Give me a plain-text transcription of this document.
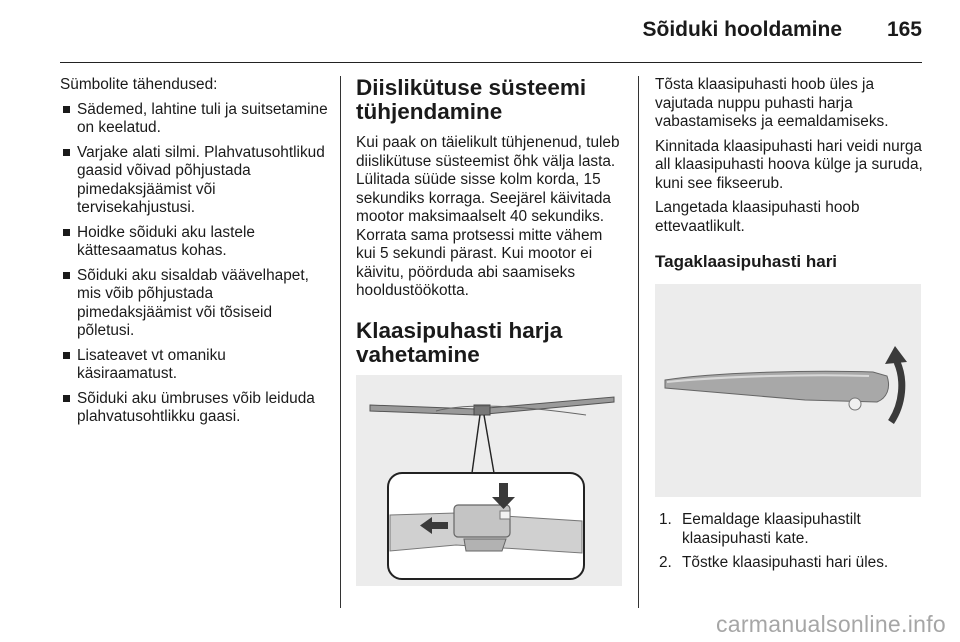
Sõiduki hooldamine 165

Sümbolite tähendused:

Sädemed, lahtine tuli ja suitsetamine on keelatud.
Varjake alati silmi. Plahvatusohtlikud gaasid võivad põhjustada pimedaksjäämist või tervisekahjustusi.
Hoidke sõiduki aku lastele kättesaamatus kohas.
Sõiduki aku sisaldab väävelhapet, mis võib põhjustada pimedaksjäämist või tõsiseid põletusi.
Lisateavet vt omaniku käsiraamatust.
Sõiduki aku ümbruses võib leiduda plahvatusohtlikku gaasi.
Diislikütuse süsteemi tühjendamine

Kui paak on täielikult tühjenenud, tuleb diislikütuse süsteemist õhk välja lasta. Lülitada süüde sisse kolm korda, 15 sekundiks korraga. Seejärel käivitada mootor maksimaalselt 40 sekundiks. Korrata sama protsessi mitte vähem kui 5 sekundi pärast. Kui mootor ei käivitu, pöörduda abi saamiseks hooldustöökotta.

Klaasipuhasti harja vahetamine

Tõsta klaasipuhasti hoob üles ja vajutada nuppu puhasti harja vabastamiseks ja eemaldamiseks.

Kinnitada klaasipuhasti hari veidi nurga all klaasipuhasti hoova külge ja suruda, kuni see fikseerub.

Langetada klaasipuhasti hoob ettevaatlikult.

Tagaklaasipuhasti hari
1. Eemaldage klaasipuhastilt klaasipuhasti kate.
2. Tõstke klaasipuhasti hari üles.
carmanualsonline.info
